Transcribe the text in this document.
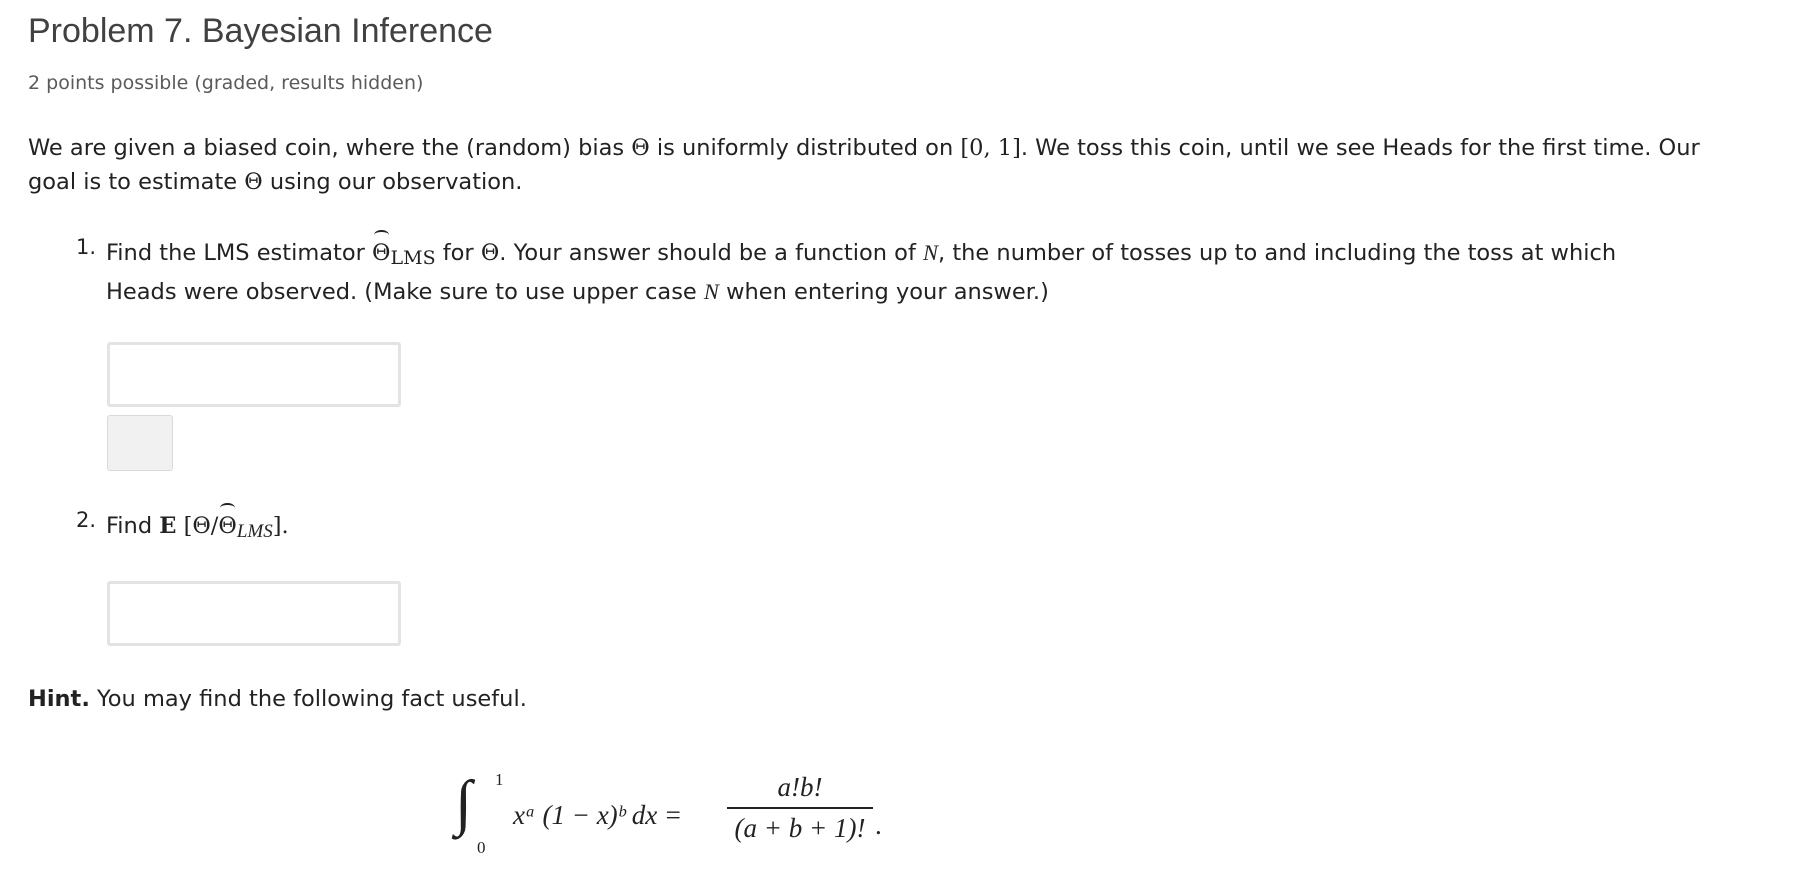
Problem 7. Bayesian Inference
2 points possible (graded, results hidden)
We are given a biased coin, where the (random) bias Θ is uniformly distributed on [0, 1]. We toss this coin, until we see Heads for the first time. Our goal is to estimate Θ using our observation.
1. Find the LMS estimator $\Theta_{LMS}$ for Θ. Your answer should be a function of N, the number of tosses up to and including the toss at which Heads were observed. (Make sure to use upper case N when entering your answer.)
2. Find E $[\Theta/\Theta_{LMS}]$.
Hint. You may find the following fact useful.
∫ 1
0
xᵃ (1 − x)ᵇ dx =
a!b!
(a + b + 1)! .
